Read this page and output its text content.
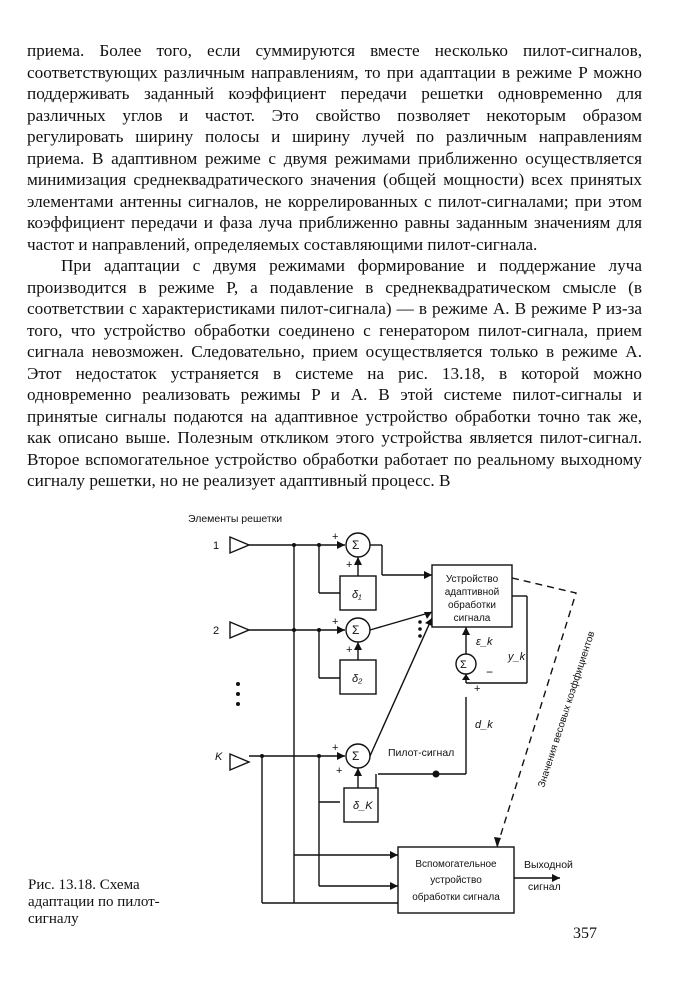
приема. Более того, если суммируются вместе несколько пилот-сигналов, соответствующих различным направлениям, то при адаптации в режиме P можно поддерживать заданный коэффициент передачи решетки одновременно для различных углов и частот. Это свойство позволяет некоторым образом регулировать ширину полосы и ширину лучей по различным направлениям приема. В адаптивном режиме с двумя режимами приближенно осуществляется минимизация среднеквадратического значения (общей мощности) всех принятых элементами антенны сигналов, не коррелированных с пилот-сигналами; при этом коэффициент передачи и фаза луча приближенно равны заданным значениям для частот и направлений, определяемых составляющими пилот-сигнала.

При адаптации с двумя режимами формирование и поддержание луча производится в режиме P, а подавление в среднеквадратическом смысле (в соответствии с характеристиками пилот-сигнала) — в режиме A. В режиме P из-за того, что устройство обработки соединено с генератором пилот-сигнала, прием сигнала невозможен. Следовательно, прием осуществляется только в режиме A. Этот недостаток устраняется в системе на рис. 13.18, в которой можно одновременно реализовать режимы P и A. В этой системе пилот-сигналы и принятые сигналы подаются на адаптивное устройство обработки точно так же, как описано выше. Полезным откликом этого устройства является пилот-сигнал. Второе вспомогательное устройство обработки работает по реальному выходному сигналу решетки, но не реализует адаптивный процесс. В

Элементы решетки
1
2
K
Σ
Σ
Σ
Σ
+
+
+
+
+
+
+
−
δ₁
δ₂
δ_K
Устройство
адаптивной
обработки
сигнала
ε_k
y_k
d_k
Пилот-сигнал
Вспомогательное
устройство
обработки сигнала
Выходной
сигнал
Значения весовых коэффициентов
Рис. 13.18. Схема адаптации по пилот-сигналу
357
